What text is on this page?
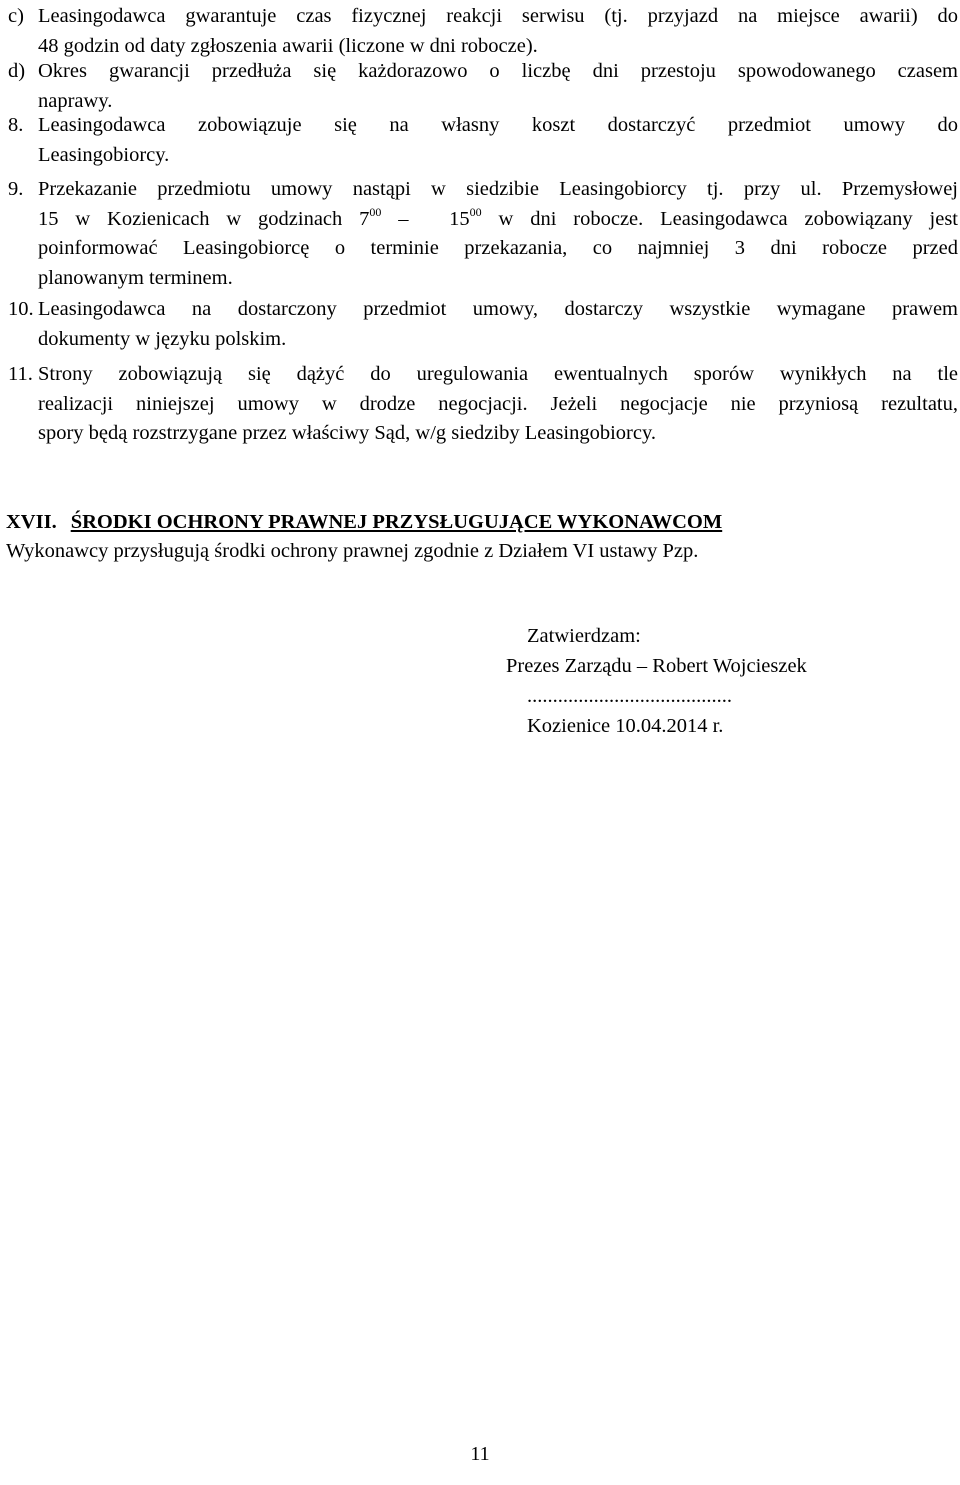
c) Leasingodawca gwarantuje czas fizycznej reakcji serwisu (tj. przyjazd na miejsce awarii) do
48 godzin od daty zgłoszenia awarii (liczone w dni robocze).
d) Okres gwarancji przedłuża się każdorazowo o liczbę dni przestoju spowodowanego czasem
naprawy.
8. Leasingodawca zobowiązuje się na własny koszt dostarczyć przedmiot umowy do
Leasingobiorcy.
9. Przekazanie przedmiotu umowy nastąpi w siedzibie Leasingobiorcy tj. przy ul. Przemysłowej
15 w Kozienicach w godzinach $7^{00} - 15^{00}$ w dni robocze. Leasingodawca zobowiązany jest
poinformować Leasingobiorcę o terminie przekazania, co najmniej 3 dni robocze przed
planowanym terminem.
10. Leasingodawca na dostarczony przedmiot umowy, dostarczy wszystkie wymagane prawem
dokumenty w języku polskim.
11. Strony zobowiązują się dążyć do uregulowania ewentualnych sporów wynikłych na tle
realizacji niniejszej umowy w drodze negocjacji. Jeżeli negocjacje nie przyniosą rezultatu,
spory będą rozstrzygane przez właściwy Sąd, w/g siedziby Leasingobiorcy.
XVII. ŚRODKI OCHRONY PRAWNEJ PRZYSŁUGUJĄCE WYKONAWCOM
Wykonawcy przysługują środki ochrony prawnej zgodnie z Działem VI ustawy Pzp.
Zatwierdzam:
Prezes Zarządu – Robert Wojcieszek
........................................
Kozienice 10.04.2014 r.
11
